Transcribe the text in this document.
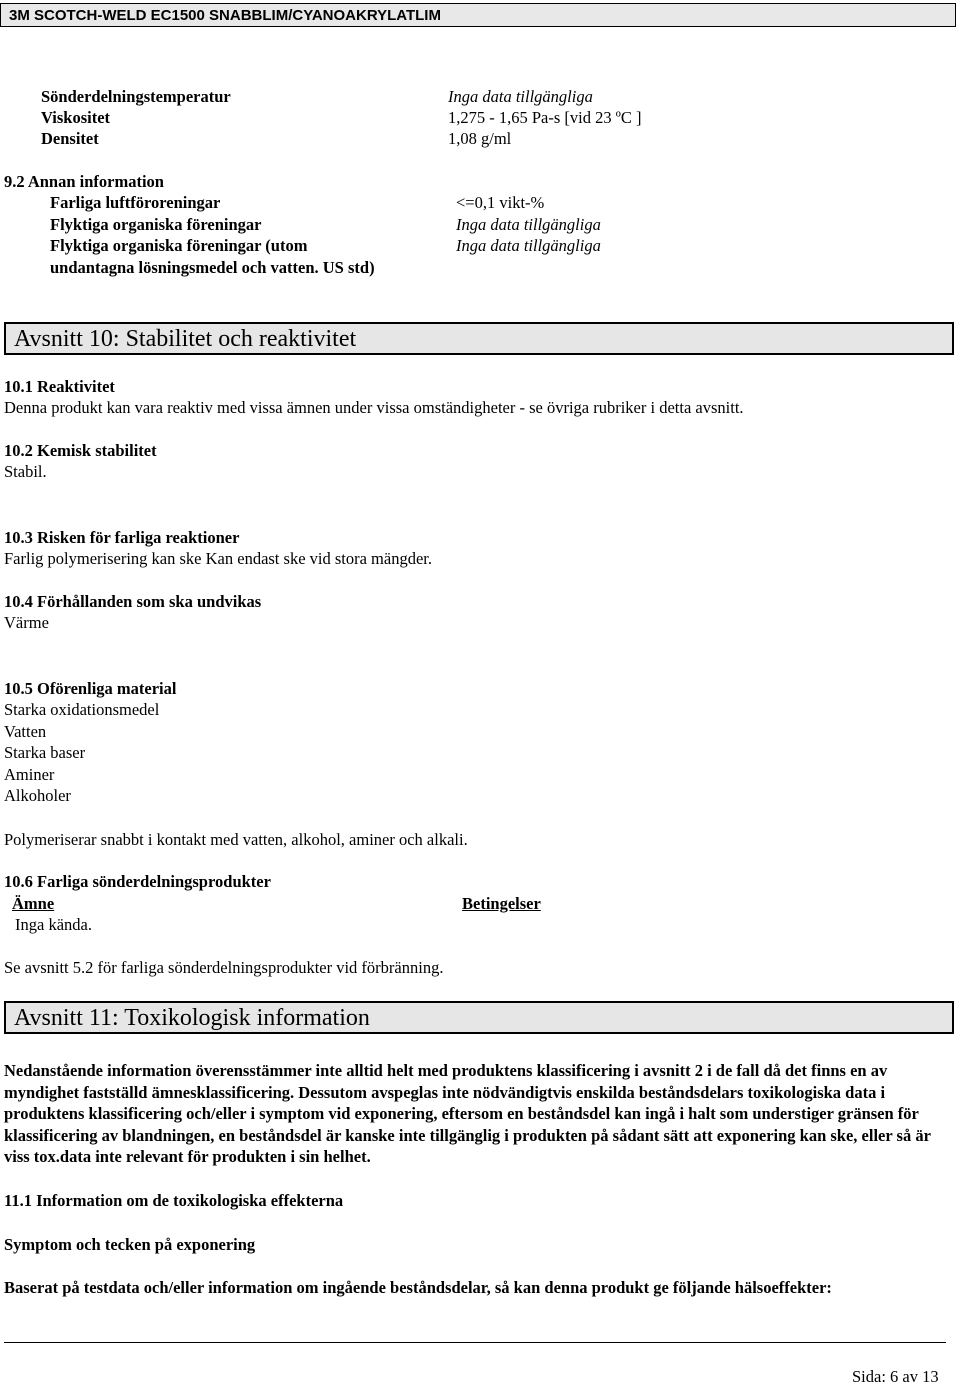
3M SCOTCH-WELD EC1500 SNABBLIM/CYANOAKRYLATLIM
Sönderdelningstemperatur	Inga data tillgängliga
Viskositet	1,275 - 1,65 Pa-s [vid 23 ºC ]
Densitet	1,08 g/ml
9.2 Annan information
Farliga luftföroreningar	<=0,1 vikt-%
Flyktiga organiska föreningar	Inga data tillgängliga
Flyktiga organiska föreningar (utom	Inga data tillgängliga
undantagna lösningsmedel och vatten. US std)
Avsnitt 10: Stabilitet och reaktivitet
10.1 Reaktivitet
Denna produkt kan vara reaktiv med vissa ämnen under vissa omständigheter - se övriga rubriker i detta avsnitt.
10.2 Kemisk stabilitet
Stabil.
10.3 Risken för farliga reaktioner
Farlig polymerisering kan ske Kan endast ske vid stora mängder.
10.4 Förhållanden som ska undvikas
Värme
10.5 Oförenliga material
Starka oxidationsmedel
Vatten
Starka baser
Aminer
Alkoholer
Polymeriserar snabbt i kontakt med vatten, alkohol, aminer och alkali.
10.6 Farliga sönderdelningsprodukter
Ämne	Betingelser
Inga kända.
Se avsnitt 5.2 för farliga sönderdelningsprodukter vid förbränning.
Avsnitt 11: Toxikologisk information
Nedanstående information överensstämmer inte alltid helt med produktens klassificering i avsnitt 2 i de fall då det finns en av myndighet fastställd ämnesklassificering. Dessutom avspeglas inte nödvändigtvis enskilda beståndsdelars toxikologiska data i produktens klassificering och/eller i symptom vid exponering, eftersom en beståndsdel kan ingå i halt som understiger gränsen för klassificering av blandningen, en beståndsdel är kanske inte tillgänglig i produkten på sådant sätt att exponering kan ske, eller så är viss tox.data inte relevant för produkten i sin helhet.
11.1 Information om de toxikologiska effekterna
Symptom och tecken på exponering
Baserat på testdata och/eller information om ingående beståndsdelar, så kan denna produkt ge följande hälsoeffekter:
Sida: 6 av 13
